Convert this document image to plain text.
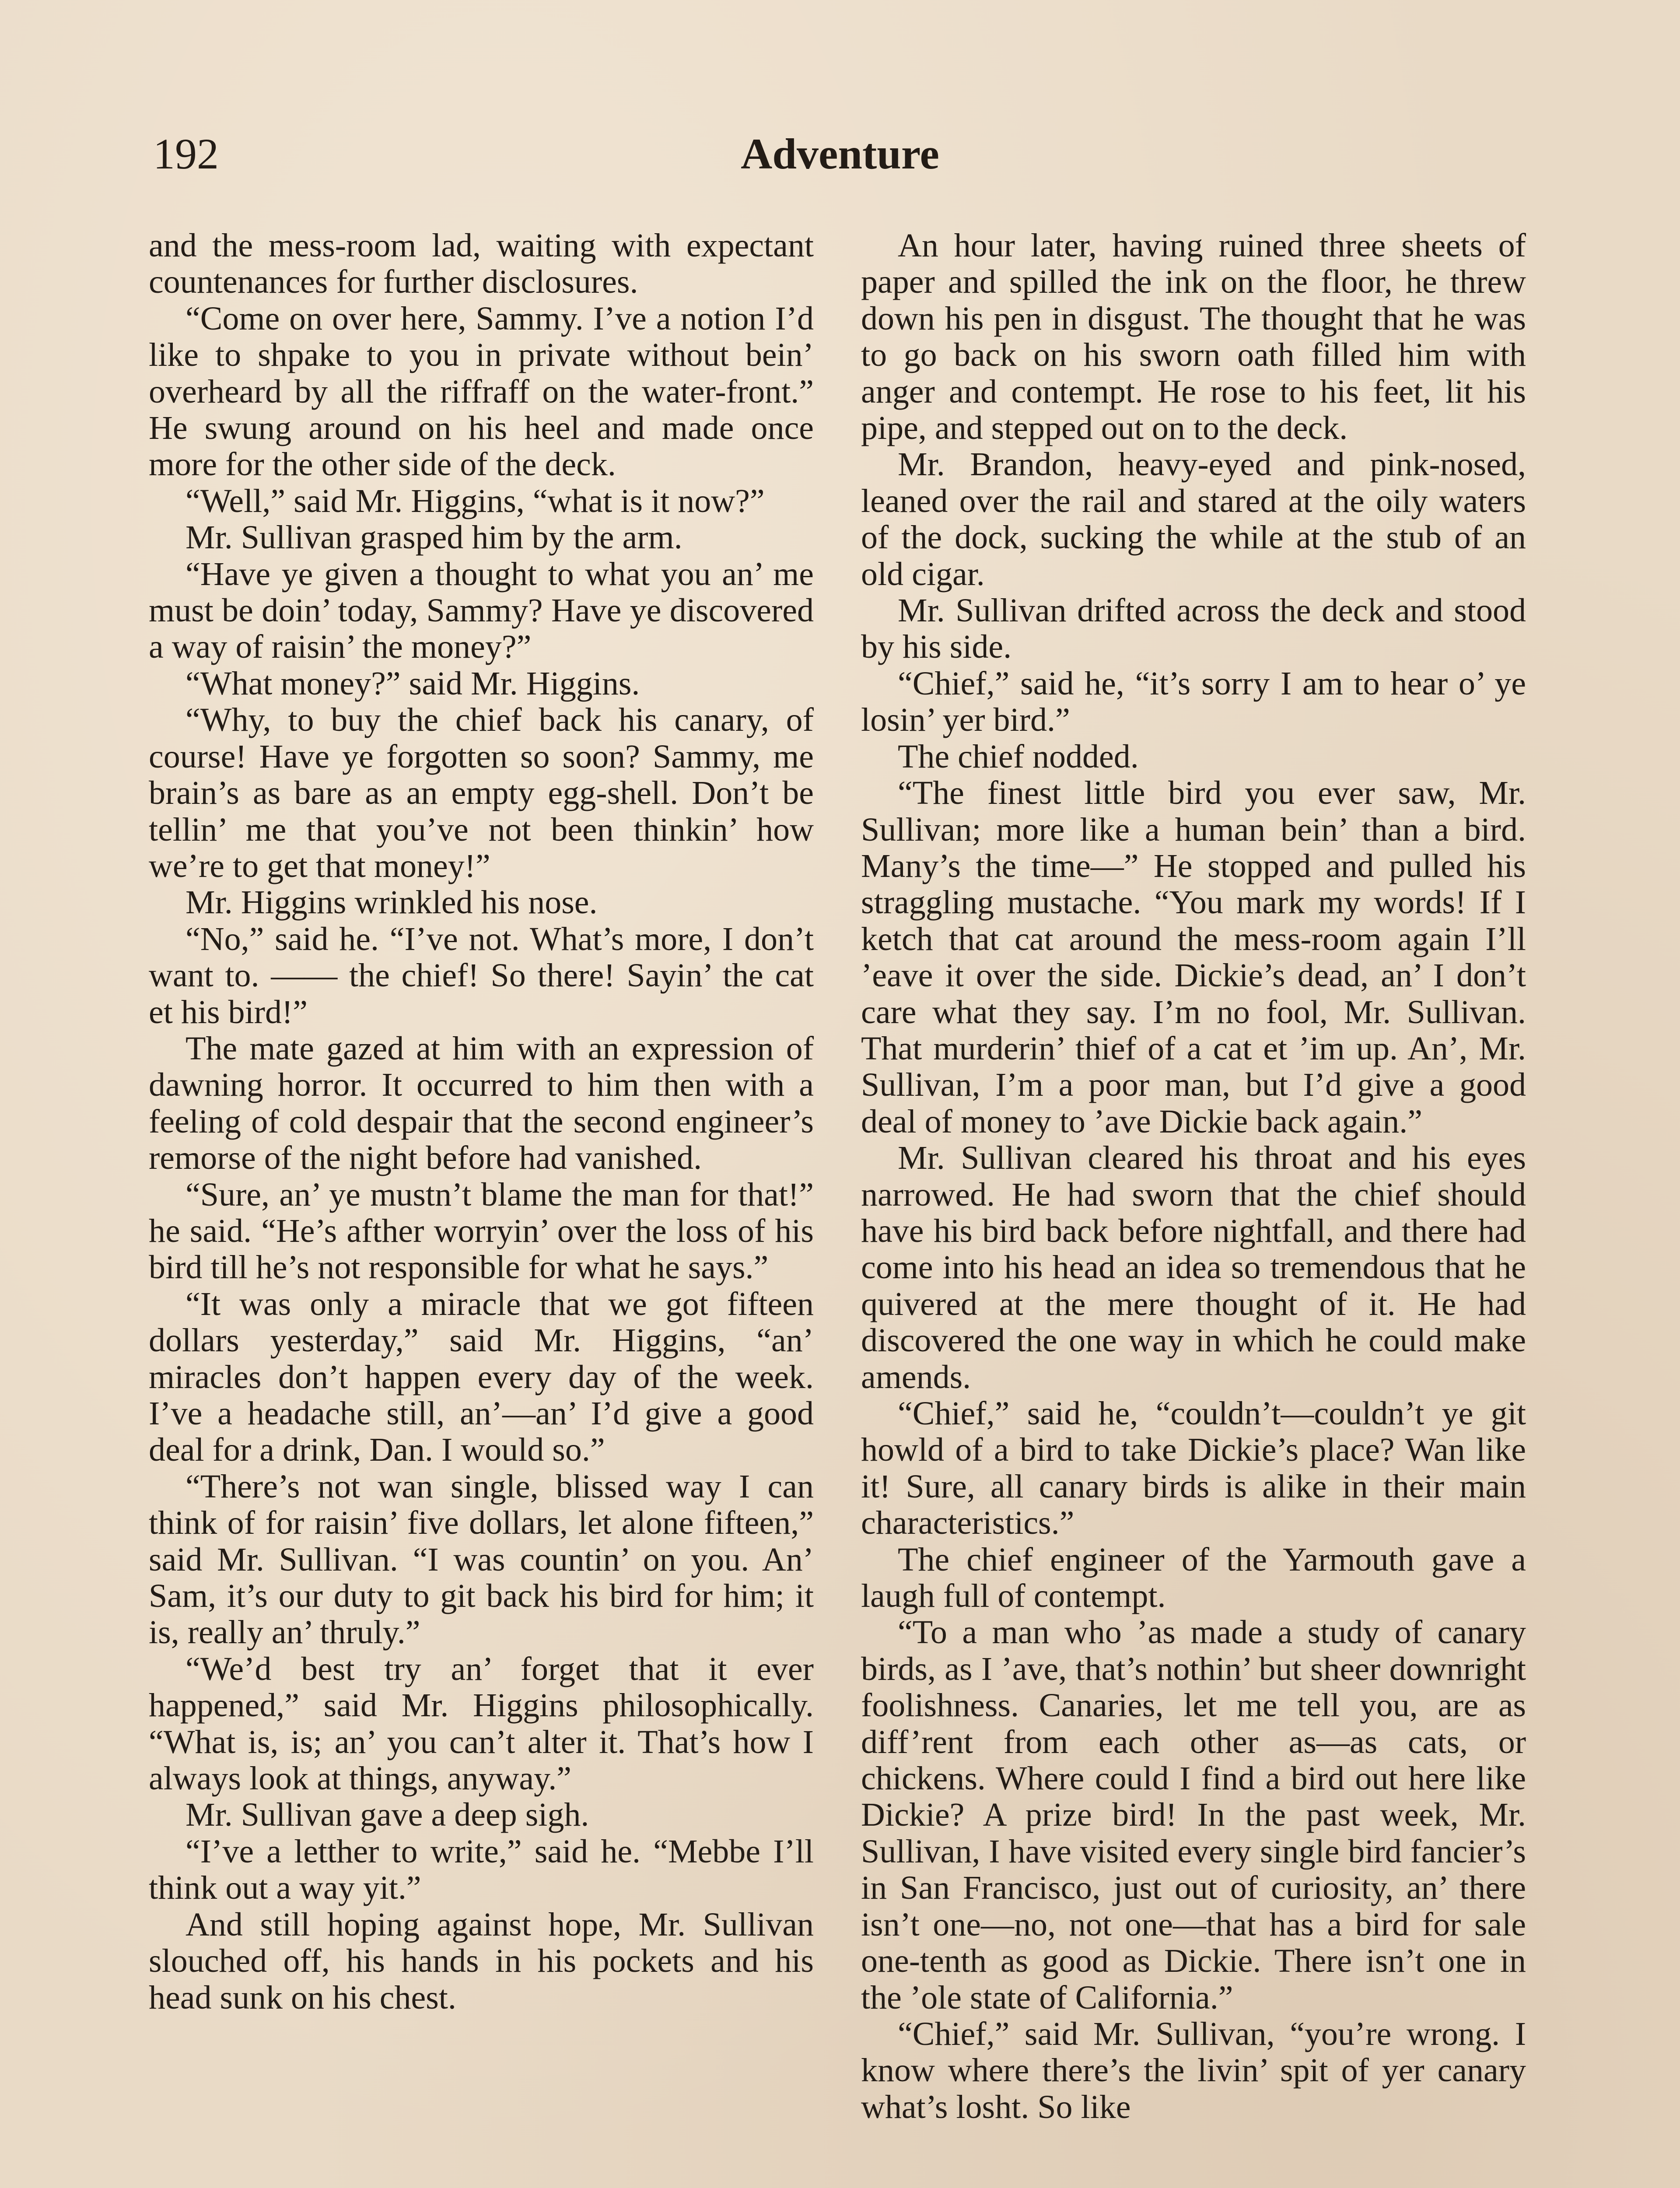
192	Adventure

and the mess-room lad, waiting with expectant countenances for further disclosures.

“Come on over here, Sammy. I’ve a notion I’d like to shpake to you in private without bein’ overheard by all the riffraff on the water-front.” He swung around on his heel and made once more for the other side of the deck.

“Well,” said Mr. Higgins, “what is it now?”

Mr. Sullivan grasped him by the arm.

“Have ye given a thought to what you an’ me must be doin’ today, Sammy? Have ye discovered a way of raisin’ the money?”

“What money?” said Mr. Higgins.

“Why, to buy the chief back his canary, of course! Have ye forgotten so soon? Sammy, me brain’s as bare as an empty egg-shell. Don’t be tellin’ me that you’ve not been thinkin’ how we’re to get that money!”

Mr. Higgins wrinkled his nose.

“No,” said he. “I’ve not. What’s more, I don’t want to. —— the chief! So there! Sayin’ the cat et his bird!”

The mate gazed at him with an expression of dawning horror. It occurred to him then with a feeling of cold despair that the second engineer’s remorse of the night before had vanished.

“Sure, an’ ye mustn’t blame the man for that!” he said. “He’s afther worryin’ over the loss of his bird till he’s not responsible for what he says.”

“It was only a miracle that we got fifteen dollars yesterday,” said Mr. Higgins, “an’ miracles don’t happen every day of the week. I’ve a headache still, an’—an’ I’d give a good deal for a drink, Dan. I would so.”

“There’s not wan single, blissed way I can think of for raisin’ five dollars, let alone fifteen,” said Mr. Sullivan. “I was countin’ on you. An’ Sam, it’s our duty to git back his bird for him; it is, really an’ thruly.”

“We’d best try an’ forget that it ever happened,” said Mr. Higgins philosophically. “What is, is; an’ you can’t alter it. That’s how I always look at things, anyway.”

Mr. Sullivan gave a deep sigh.

“I’ve a letther to write,” said he. “Mebbe I’ll think out a way yit.”

And still hoping against hope, Mr. Sullivan slouched off, his hands in his pockets and his head sunk on his chest.

An hour later, having ruined three sheets of paper and spilled the ink on the floor, he threw down his pen in disgust. The thought that he was to go back on his sworn oath filled him with anger and contempt. He rose to his feet, lit his pipe, and stepped out on to the deck.

Mr. Brandon, heavy-eyed and pink-nosed, leaned over the rail and stared at the oily waters of the dock, sucking the while at the stub of an old cigar.

Mr. Sullivan drifted across the deck and stood by his side.

“Chief,” said he, “it’s sorry I am to hear o’ ye losin’ yer bird.”

The chief nodded.

“The finest little bird you ever saw, Mr. Sullivan; more like a human bein’ than a bird. Many’s the time—” He stopped and pulled his straggling mustache. “You mark my words! If I ketch that cat around the mess-room again I’ll ’eave it over the side. Dickie’s dead, an’ I don’t care what they say. I’m no fool, Mr. Sullivan. That murderin’ thief of a cat et ’im up. An’, Mr. Sullivan, I’m a poor man, but I’d give a good deal of money to ’ave Dickie back again.”

Mr. Sullivan cleared his throat and his eyes narrowed. He had sworn that the chief should have his bird back before nightfall, and there had come into his head an idea so tremendous that he quivered at the mere thought of it. He had discovered the one way in which he could make amends.

“Chief,” said he, “couldn’t—couldn’t ye git howld of a bird to take Dickie’s place? Wan like it! Sure, all canary birds is alike in their main characteristics.”

The chief engineer of the Yarmouth gave a laugh full of contempt.

“To a man who ’as made a study of canary birds, as I ’ave, that’s nothin’ but sheer downright foolishness. Canaries, let me tell you, are as diff’rent from each other as—as cats, or chickens. Where could I find a bird out here like Dickie? A prize bird! In the past week, Mr. Sullivan, I have visited every single bird fancier’s in San Francisco, just out of curiosity, an’ there isn’t one—no, not one—that has a bird for sale one-tenth as good as Dickie. There isn’t one in the ’ole state of California.”

“Chief,” said Mr. Sullivan, “you’re wrong. I know where there’s the livin’ spit of yer canary what’s losht. So like
